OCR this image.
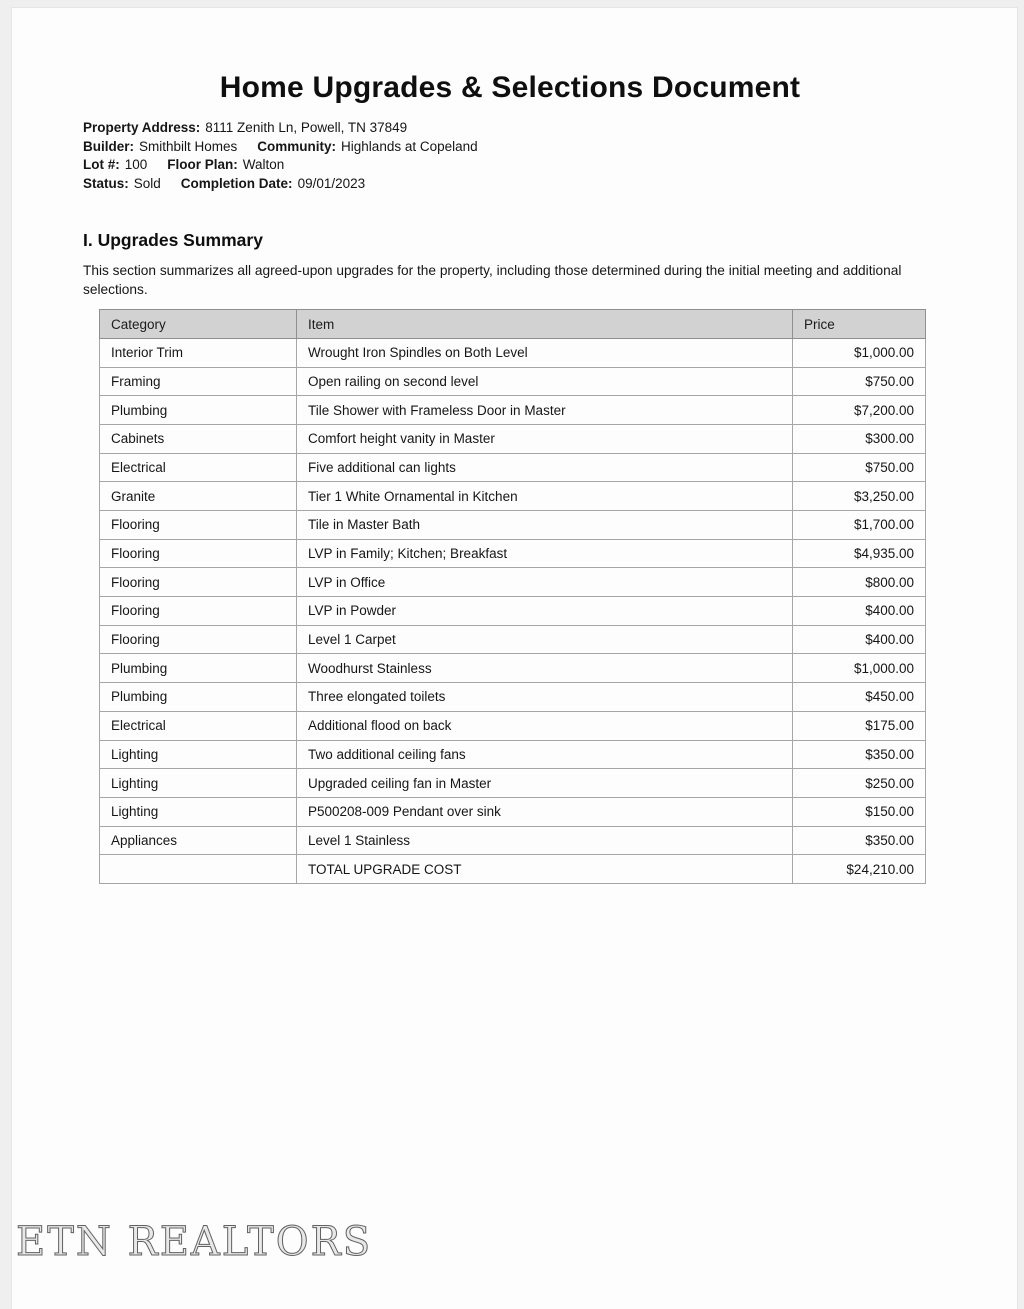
Home Upgrades & Selections Document
Property Address: 8111 Zenith Ln, Powell, TN 37849
Builder: Smithbilt Homes Community: Highlands at Copeland
Lot #: 100 Floor Plan: Walton
Status: Sold Completion Date: 09/01/2023
I. Upgrades Summary

This section summarizes all agreed-upon upgrades for the property, including those determined during the initial meeting and additional selections.

Category	Item	Price
Interior Trim	Wrought Iron Spindles on Both Level	$1,000.00
Framing	Open railing on second level	$750.00
Plumbing	Tile Shower with Frameless Door in Master	$7,200.00
Cabinets	Comfort height vanity in Master	$300.00
Electrical	Five additional can lights	$750.00
Granite	Tier 1 White Ornamental in Kitchen	$3,250.00
Flooring	Tile in Master Bath	$1,700.00
Flooring	LVP in Family; Kitchen; Breakfast	$4,935.00
Flooring	LVP in Office	$800.00
Flooring	LVP in Powder	$400.00
Flooring	Level 1 Carpet	$400.00
Plumbing	Woodhurst Stainless	$1,000.00
Plumbing	Three elongated toilets	$450.00
Electrical	Additional flood on back	$175.00
Lighting	Two additional ceiling fans	$350.00
Lighting	Upgraded ceiling fan in Master	$250.00
Lighting	P500208-009 Pendant over sink	$150.00
Appliances	Level 1 Stainless	$350.00
	TOTAL UPGRADE COST	$24,210.00
ETN REALTORS
